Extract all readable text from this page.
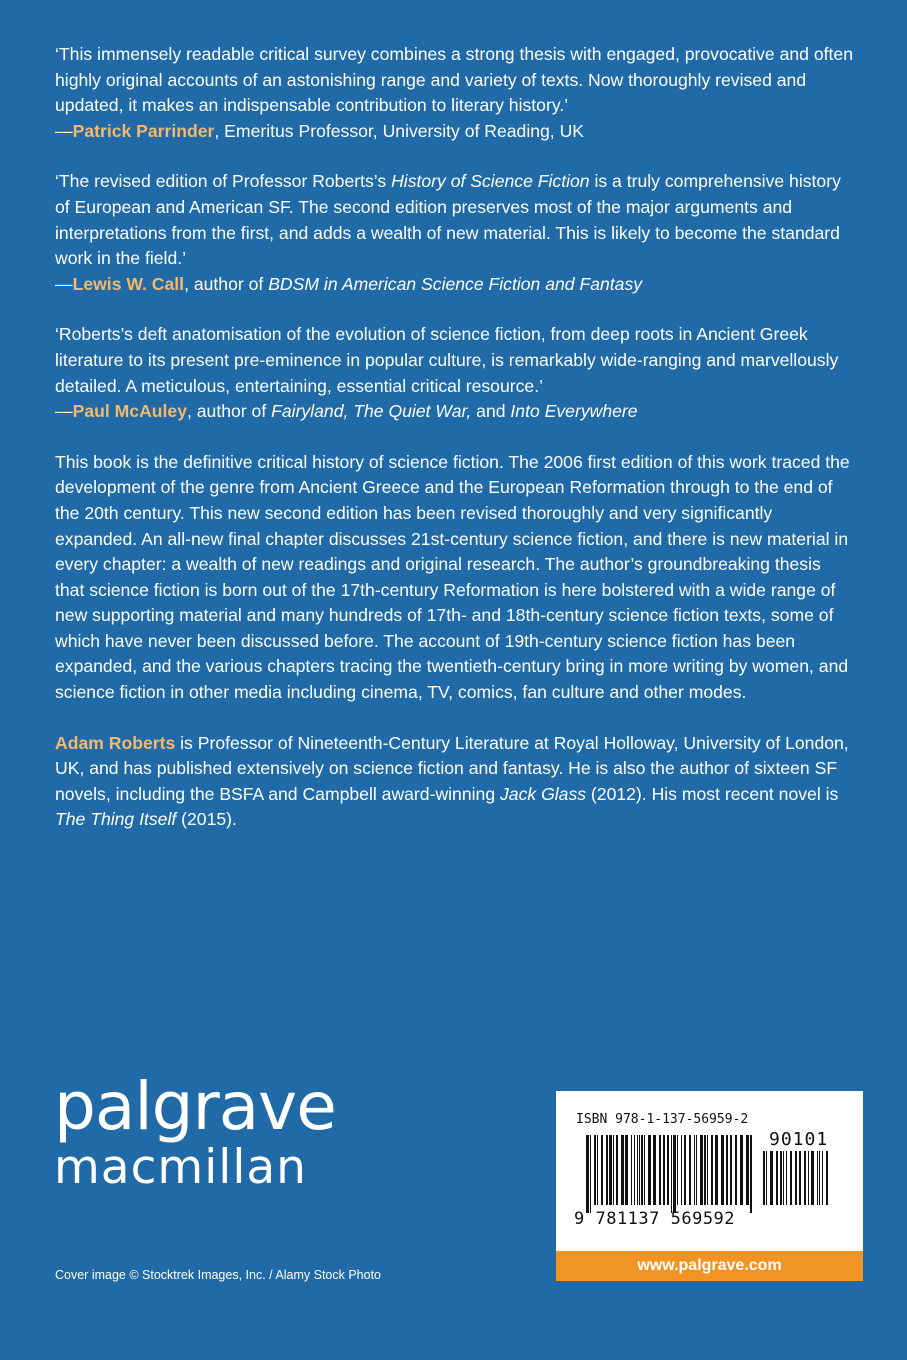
‘This immensely readable critical survey combines a strong thesis with engaged, provocative and often highly original accounts of an astonishing range and variety of texts. Now thoroughly revised and updated, it makes an indispensable contribution to literary history.’
—Patrick Parrinder, Emeritus Professor, University of Reading, UK

‘The revised edition of Professor Roberts’s History of Science Fiction is a truly comprehensive history of European and American SF. The second edition preserves most of the major arguments and interpretations from the first, and adds a wealth of new material. This is likely to become the standard work in the field.’
—Lewis W. Call, author of BDSM in American Science Fiction and Fantasy

‘Roberts’s deft anatomisation of the evolution of science fiction, from deep roots in Ancient Greek literature to its present pre-eminence in popular culture, is remarkably wide-ranging and marvellously detailed. A meticulous, entertaining, essential critical resource.’
—Paul McAuley, author of Fairyland, The Quiet War, and Into Everywhere

This book is the definitive critical history of science fiction. The 2006 first edition of this work traced the development of the genre from Ancient Greece and the European Reformation through to the end of the 20th century. This new second edition has been revised thoroughly and very significantly expanded. An all-new final chapter discusses 21st-century science fiction, and there is new material in every chapter: a wealth of new readings and original research. The author’s groundbreaking thesis that science fiction is born out of the 17th-century Reformation is here bolstered with a wide range of new supporting material and many hundreds of 17th- and 18th-century science fiction texts, some of which have never been discussed before. The account of 19th-century science fiction has been expanded, and the various chapters tracing the twentieth-century bring in more writing by women, and science fiction in other media including cinema, TV, comics, fan culture and other modes.

Adam Roberts is Professor of Nineteenth-Century Literature at Royal Holloway, University of London, UK, and has published extensively on science fiction and fantasy. He is also the author of sixteen SF novels, including the BSFA and Campbell award-winning Jack Glass (2012). His most recent novel is The Thing Itself (2015).

palgrave
macmillan
Cover image © Stocktrek Images, Inc. / Alamy Stock Photo
ISBN 978-1-137-56959-2
90101
9 781137 569592
www.palgrave.com
